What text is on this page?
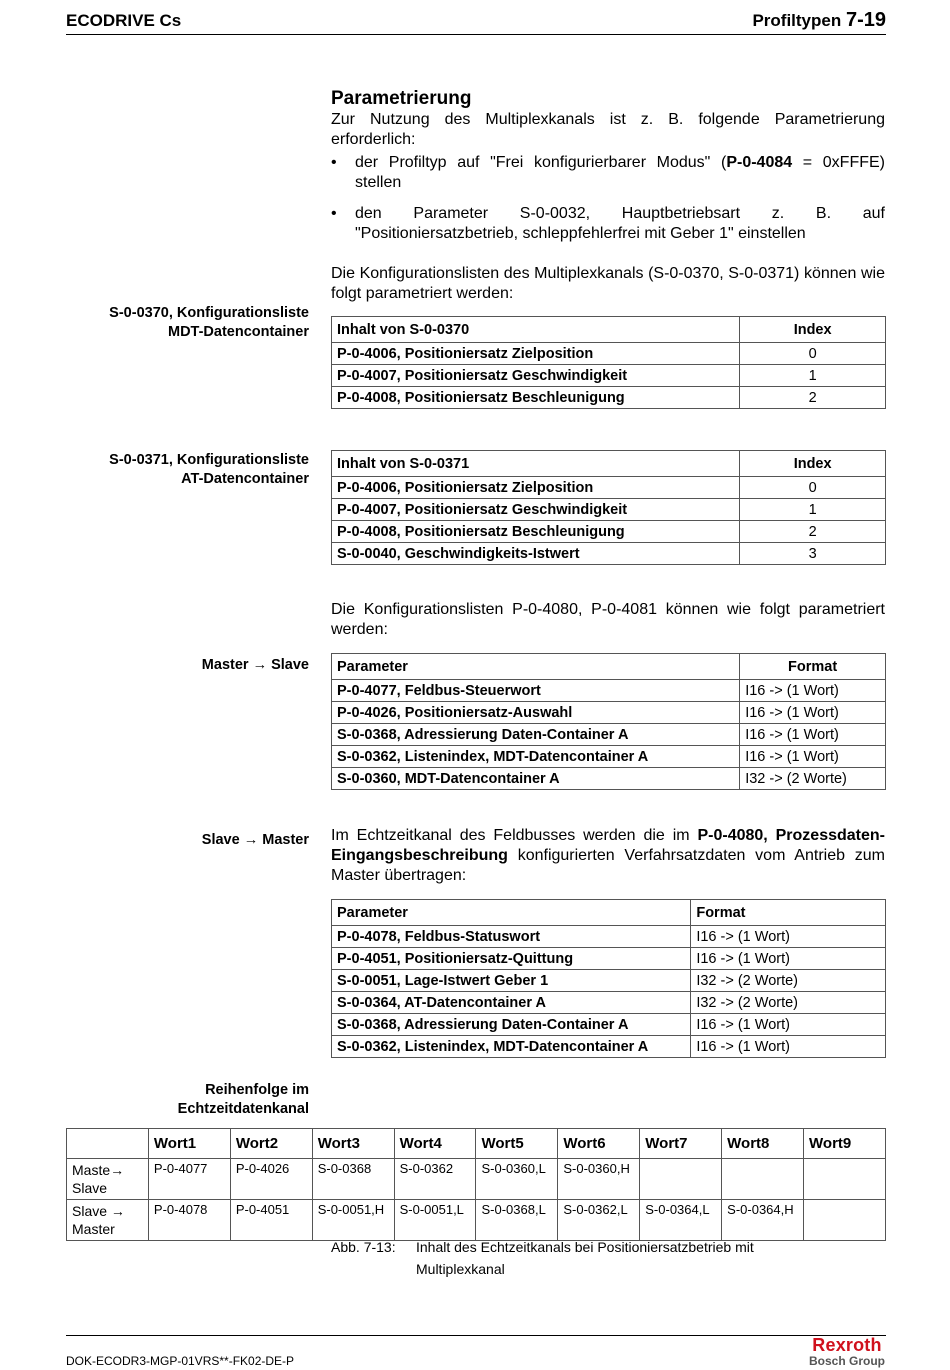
ECODRIVE Cs	Profiltypen 7-19
Parametrierung
Zur Nutzung des Multiplexkanals ist z. B. folgende Parametrierung erforderlich:
• der Profiltyp auf "Frei konfigurierbarer Modus" (P-0-4084 = 0xFFFE) stellen
• den Parameter S-0-0032, Hauptbetriebsart z. B. auf "Positioniersatzbetrieb, schleppfehlerfrei mit Geber 1" einstellen
Die Konfigurationslisten des Multiplexkanals (S-0-0370, S-0-0371) können wie folgt parametriert werden:
S-0-0370, Konfigurationsliste
MDT-Datencontainer Inhalt von S-0-0370	Index
P-0-4006, Positioniersatz Zielposition	0
P-0-4007, Positioniersatz Geschwindigkeit	1
P-0-4008, Positioniersatz Beschleunigung	2
S-0-0371, Konfigurationsliste
AT-Datencontainer
Inhalt von S-0-0371	Index
P-0-4006, Positioniersatz Zielposition	0
P-0-4007, Positioniersatz Geschwindigkeit	1
P-0-4008, Positioniersatz Beschleunigung	2
S-0-0040, Geschwindigkeits-Istwert	3
Die Konfigurationslisten P-0-4080, P-0-4081 können wie folgt parametriert werden:
Master → Slave Parameter	Format
P-0-4077, Feldbus-Steuerwort	I16 -> (1 Wort)
P-0-4026, Positioniersatz-Auswahl	I16 -> (1 Wort)
S-0-0368, Adressierung Daten-Container A	I16 -> (1 Wort)
S-0-0362, Listenindex, MDT-Datencontainer A	I16 -> (1 Wort)
S-0-0360, MDT-Datencontainer A	I32 -> (2 Worte)
Slave → Master Im Echtzeitkanal des Feldbusses werden die im P-0-4080, Prozessdaten-Eingangsbeschreibung konfigurierten Verfahrsatzdaten vom Antrieb zum Master übertragen:
Parameter	Format
P-0-4078, Feldbus-Statuswort	I16 -> (1 Wort)
P-0-4051, Positioniersatz-Quittung	I16 -> (1 Wort)
S-0-0051, Lage-Istwert Geber 1	I32 -> (2 Worte)
S-0-0364, AT-Datencontainer A	I32 -> (2 Worte)
S-0-0368, Adressierung Daten-Container A	I16 -> (1 Wort)
S-0-0362, Listenindex, MDT-Datencontainer A	I16 -> (1 Wort)
Reihenfolge im
Echtzeitdatenkanal
	Wort1	Wort2	Wort3	Wort4	Wort5	Wort6	Wort7	Wort8	Wort9

Maste→
Slave	P-0-4077	P-0-4026	S-0-0368	S-0-0362	S-0-0360,L	S-0-0360,H			

Slave →
Master	P-0-4078	P-0-4051	S-0-0051,H	S-0-0051,L	S-0-0368,L	S-0-0362,L	S-0-0364,L	S-0-0364,H	
Abb. 7-13: Inhalt des Echtzeitkanals bei Positioniersatzbetrieb mit
Multiplexkanal
DOK-ECODR3-MGP-01VRS**-FK02-DE-P
Rexroth
Bosch Group
